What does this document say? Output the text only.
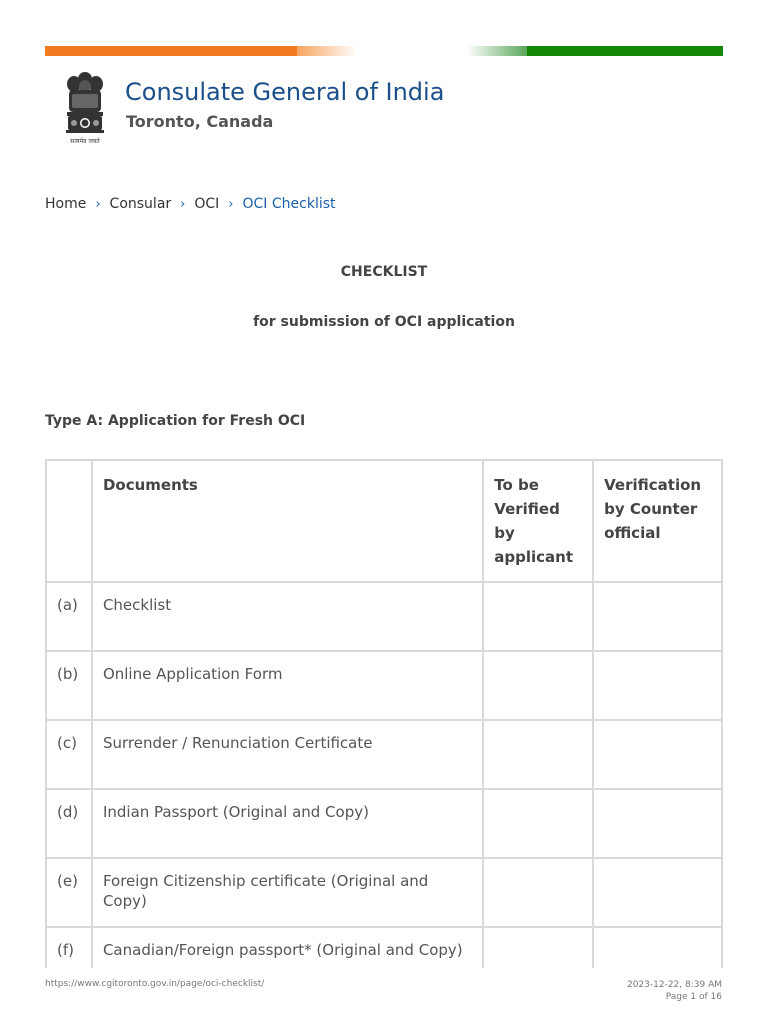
सत्यमेव जयते
Consulate General of India
Toronto, Canada
Home › Consular › OCI › OCI Checklist
CHECKLIST
for submission of OCI application
Type A: Application for Fresh OCI
	Documents	To be Verified by applicant	Verification by Counter official
(a)	Checklist		
(b)	Online Application Form		
(c)	Surrender / Renunciation Certificate		
(d)	Indian Passport (Original and Copy)		
(e)	Foreign Citizenship certificate (Original and Copy)		
(f)	Canadian/Foreign passport* (Original and Copy)		
https://www.cgitoronto.gov.in/page/oci-checklist/	2023-12-22, 8:39 AM
Page 1 of 16
